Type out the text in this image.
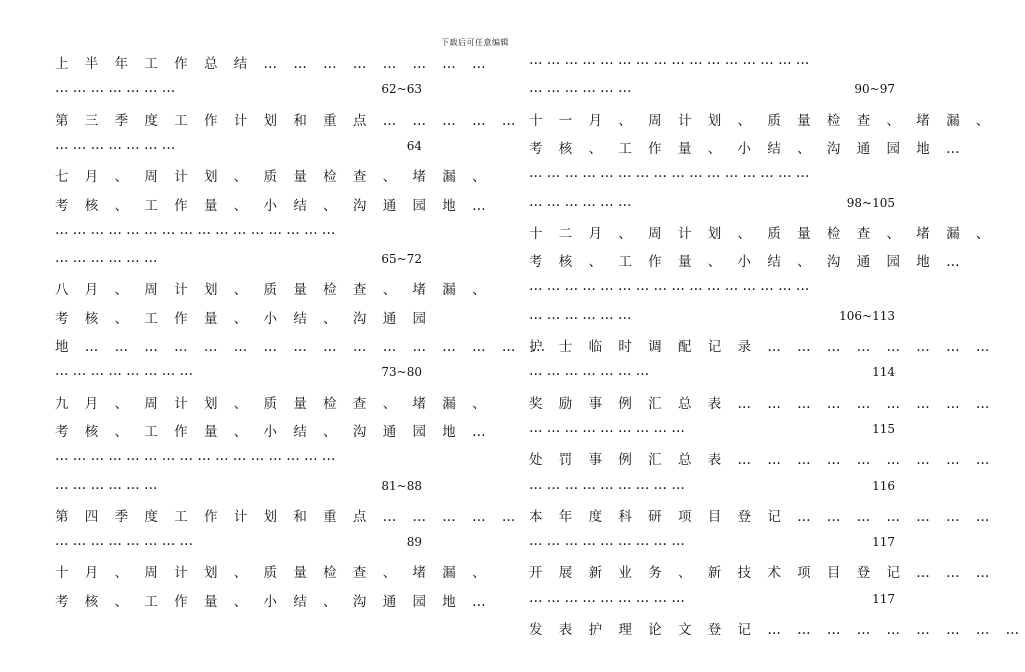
下载后可任意编辑
上 半 年 工 作 总 结 … … … … … … … …
… … … … … … …	62~63
第 三 季 度 工 作 计 划 和 重 点 … … … … …
… … … … … … …	64
七 月 、 周 计 划 、 质 量 检 查 、 堵 漏 、
考 核 、 工 作 量 、 小 结 、 沟 通 园 地 …
… … … … … … … … … … … … … … … …
… … … … … …	65~72
八 月 、 周 计 划 、 质 量 检 查 、 堵 漏 、
考 核 、 工 作 量 、 小 结 、 沟 通 园
地 … … … … … … … … … … … … … … … …
… … … … … … … …	73~80
九 月 、 周 计 划 、 质 量 检 查 、 堵 漏 、
考 核 、 工 作 量 、 小 结 、 沟 通 园 地 …
… … … … … … … … … … … … … … … …
… … … … … …	81~88
第 四 季 度 工 作 计 划 和 重 点 … … … … …
… … … … … … … …	89
十 月 、 周 计 划 、 质 量 检 查 、 堵 漏 、
考 核 、 工 作 量 、 小 结 、 沟 通 园 地 …
… … … … … … … … … … … … … … … …
… … … … … …	90~97
十 一 月 、 周 计 划 、 质 量 检 查 、 堵 漏 、
考 核 、 工 作 量 、 小 结 、 沟 通 园 地 …
… … … … … … … … … … … … … … … …
… … … … … …	98~105
十 二 月 、 周 计 划 、 质 量 检 查 、 堵 漏 、
考 核 、 工 作 量 、 小 结 、 沟 通 园 地 …
… … … … … … … … … … … … … … … …
… … … … … …	106~113
护 士 临 时 调 配 记 录 … … … … … … … …
… … … … … … …	114
奖 励 事 例 汇 总 表 … … … … … … … … …
… … … … … … … … …	115
处 罚 事 例 汇 总 表 … … … … … … … … …
… … … … … … … … …	116
本 年 度 科 研 项 目 登 记 … … … … … … …
… … … … … … … … …	117
开 展 新 业 务 、 新 技 术 项 目 登 记 … … …
… … … … … … … … …	117
发 表 护 理 论 文 登 记 … … … … … … … … …
